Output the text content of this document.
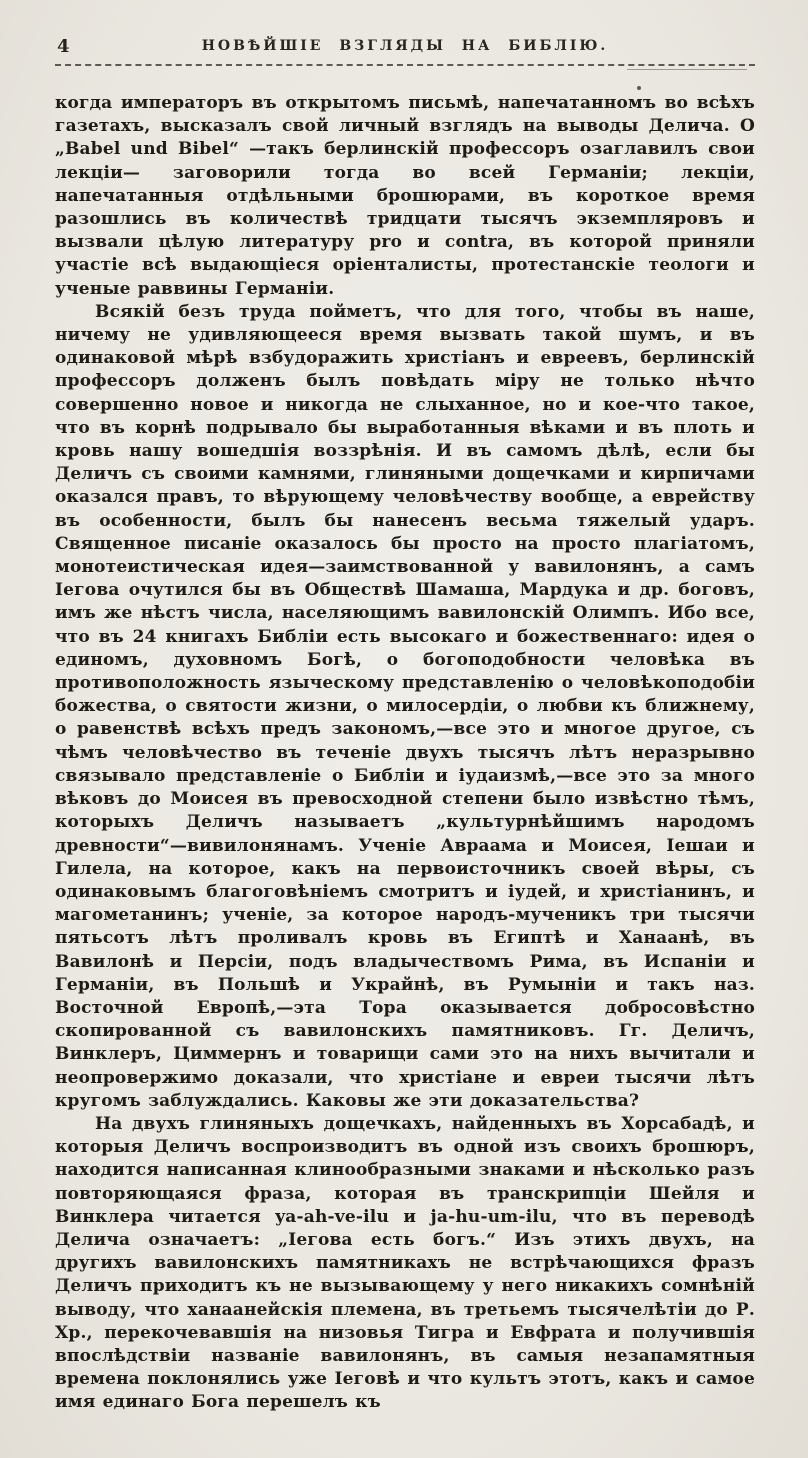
4	НОВѢЙШІЕ ВЗГЛЯДЫ НА БИБЛІЮ.

когда императоръ въ открытомъ письмѣ, напечатанномъ во всѣхъ газетахъ, высказалъ свой личный взглядъ на выводы Делича. О „Babel und Bibel“ —такъ берлинскій профессоръ озаглавилъ свои лекціи— заговорили тогда во всей Германіи; лекціи, напечатанныя отдѣльными брошюрами, въ короткое время разошлись въ количествѣ тридцати тысячъ экземпляровъ и вызвали цѣлую литературу pro и contra, въ которой приняли участіе всѣ выдающіеся оріенталисты, протестанскіе теологи и ученые раввины Германіи.

Всякій безъ труда пойметъ, что для того, чтобы въ наше, ничему не удивляющееся время вызвать такой шумъ, и въ одинаковой мѣрѣ взбудоражить христіанъ и евреевъ, берлинскій профессоръ долженъ былъ повѣдать міру не только нѣчто совершенно новое и никогда не слыханное, но и кое-что такое, что въ корнѣ подрывало бы выработанныя вѣками и въ плоть и кровь нашу вошедшія воззрѣнія. И въ самомъ дѣлѣ, если бы Деличъ съ своими камнями, глиняными дощечками и кирпичами оказался правъ, то вѣрующему человѣчеству вообще, а еврейству въ особенности, былъ бы нанесенъ весьма тяжелый ударъ. Священное писаніе оказалось бы просто на просто плагіатомъ, монотеистическая идея—заимствованной у вавилонянъ, а самъ Іегова очутился бы въ Обществѣ Шамаша, Мардука и др. боговъ, имъ же нѣстъ числа, населяющимъ вавилонскій Олимпъ. Ибо все, что въ 24 книгахъ Библіи есть высокаго и божественнаго: идея о единомъ, духовномъ Богѣ, о богоподобности человѣка въ противоположность языческому представленію о человѣкоподобіи божества, о святости жизни, о милосердіи, о любви къ ближнему, о равенствѣ всѣхъ предъ закономъ,—все это и многое другое, съ чѣмъ человѣчество въ теченіе двухъ тысячъ лѣтъ неразрывно связывало представленіе о Библіи и іудаизмѣ,—все это за много вѣковъ до Моисея въ превосходной степени было извѣстно тѣмъ, которыхъ Деличъ называетъ „культурнѣйшимъ народомъ древности“—вивилонянамъ. Ученіе Авраама и Моисея, Іешаи и Гилела, на которое, какъ на первоисточникъ своей вѣры, съ одинаковымъ благоговѣніемъ смотритъ и іудей, и христіанинъ, и магометанинъ; ученіе, за которое народъ-мученикъ три тысячи пятьсотъ лѣтъ проливалъ кровь въ Египтѣ и Ханаанѣ, въ Вавилонѣ и Персіи, подъ владычествомъ Рима, въ Испаніи и Германіи, въ Польшѣ и Украйнѣ, въ Румыніи и такъ наз. Восточной Европѣ,—эта Тора оказывается добросовѣстно скопированной съ вавилонскихъ памятниковъ. Гг. Деличъ, Винклеръ, Циммернъ и товарищи сами это на нихъ вычитали и неопровержимо доказали, что христіане и евреи тысячи лѣтъ кругомъ заблуждались. Каковы же эти доказательства?

На двухъ глиняныхъ дощечкахъ, найденныхъ въ Хорсабадѣ, и которыя Деличъ воспроизводитъ въ одной изъ своихъ брошюръ, находится написанная клинообразными знаками и нѣсколько разъ повторяющаяся фраза, которая въ транскрипціи Шейля и Винклера читается ya-ah-ve-ilu и ja-hu-um-ilu, что въ переводѣ Делича означаетъ: „Іегова есть богъ.“ Изъ этихъ двухъ, на другихъ вавилонскихъ памятникахъ не встрѣчающихся фразъ Деличъ приходитъ къ не вызывающему у него никакихъ сомнѣній выводу, что ханаанейскія племена, въ третьемъ тысячелѣтіи до Р. Хр., перекочевавшія на низовья Тигра и Евфрата и получившія впослѣдствіи названіе вавилонянъ, въ самыя незапамятныя времена поклонялись уже Іеговѣ и что культъ этотъ, какъ и самое имя единаго Бога перешелъ къ
